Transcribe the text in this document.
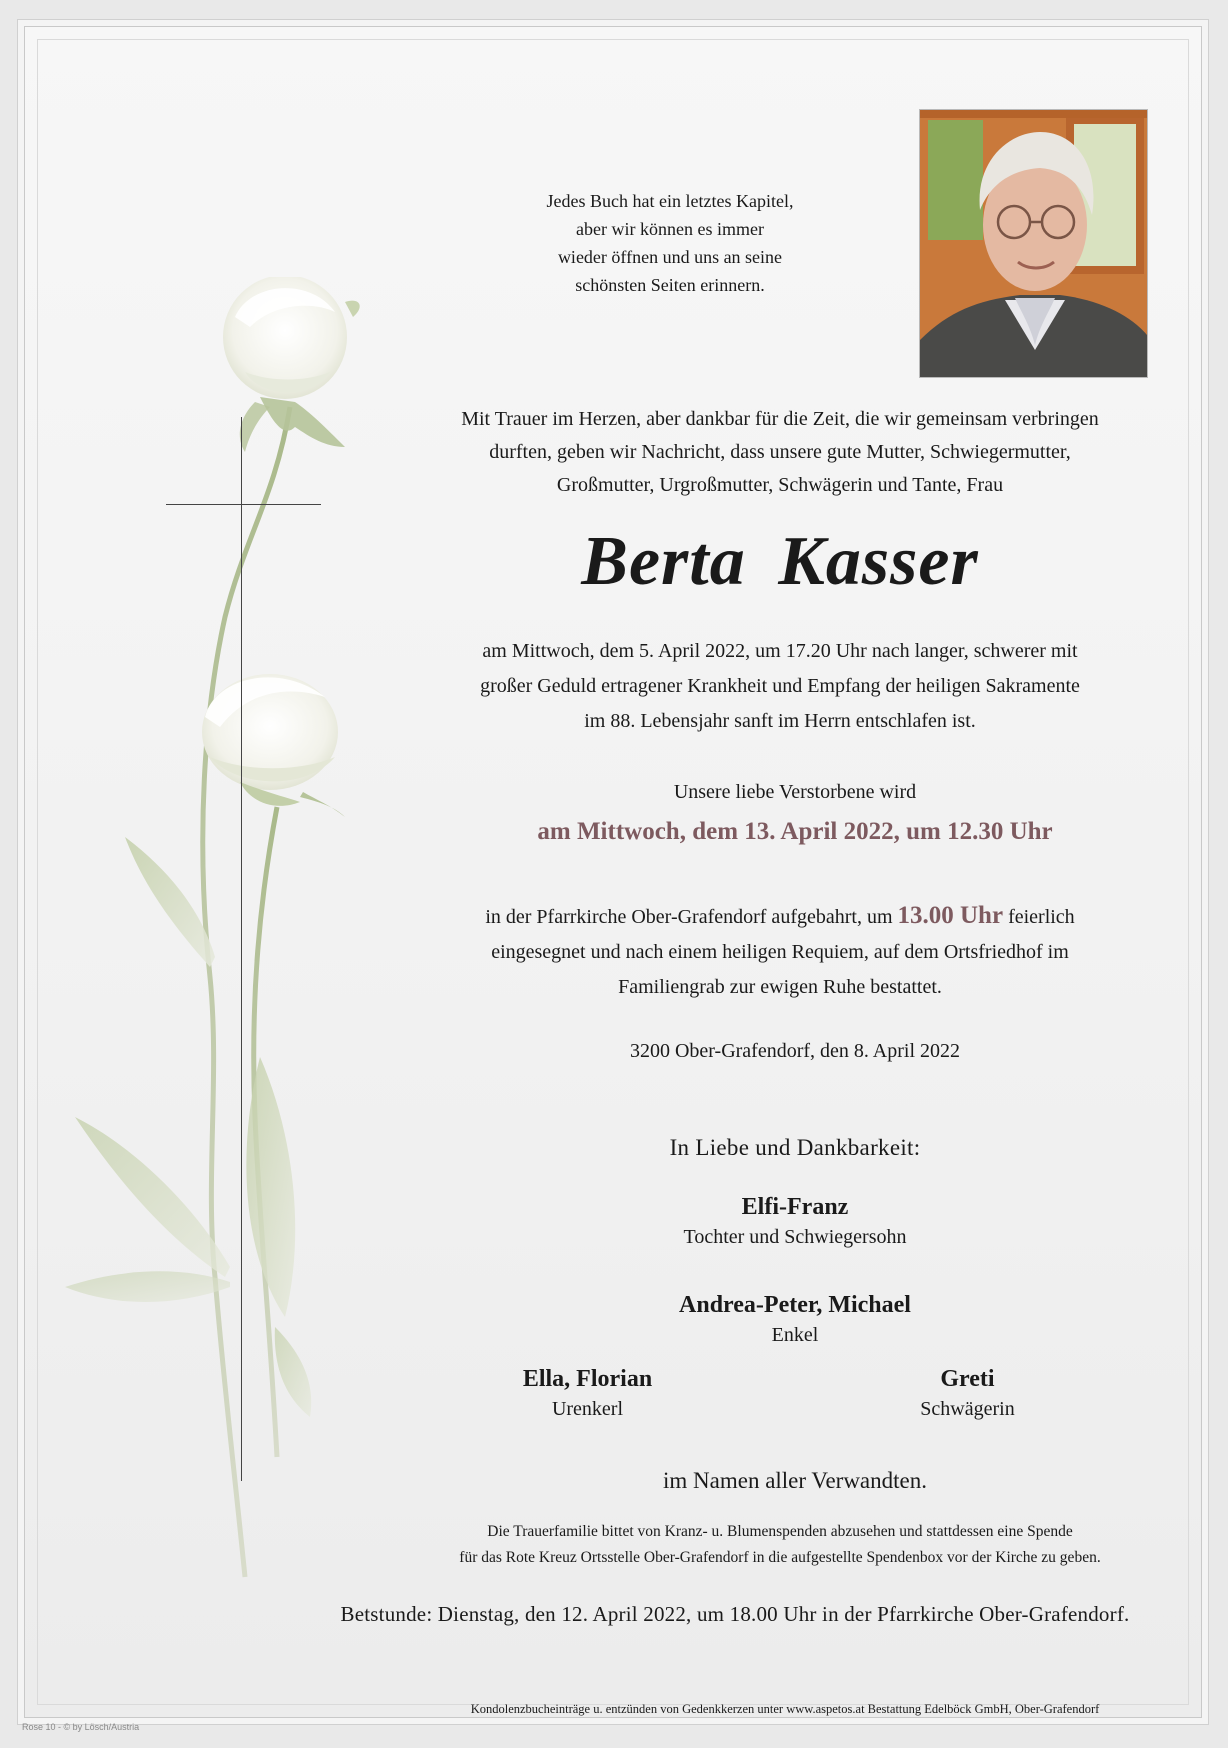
Jedes Buch hat ein letztes Kapitel,
aber wir können es immer
wieder öffnen und uns an seine
schönsten Seiten erinnern.
Mit Trauer im Herzen, aber dankbar für die Zeit, die wir gemeinsam verbringen
durften, geben wir Nachricht, dass unsere gute Mutter, Schwiegermutter,
Großmutter, Urgroßmutter, Schwägerin und Tante, Frau
Berta Kasser
am Mittwoch, dem 5. April 2022, um 17.20 Uhr nach langer, schwerer mit
großer Geduld ertragener Krankheit und Empfang der heiligen Sakramente
im 88. Lebensjahr sanft im Herrn entschlafen ist.
Unsere liebe Verstorbene wird
am Mittwoch, dem 13. April 2022, um 12.30 Uhr
in der Pfarrkirche Ober-Grafendorf aufgebahrt, um 13.00 Uhr feierlich
eingesegnet und nach einem heiligen Requiem, auf dem Ortsfriedhof im
Familiengrab zur ewigen Ruhe bestattet.
3200 Ober-Grafendorf, den 8. April 2022
In Liebe und Dankbarkeit:
Elfi-Franz
Tochter und Schwiegersohn
Andrea-Peter, Michael
Enkel
Ella, Florian
Urenkerl
Greti
Schwägerin
im Namen aller Verwandten.
Die Trauerfamilie bittet von Kranz- u. Blumenspenden abzusehen und stattdessen eine Spende
für das Rote Kreuz Ortsstelle Ober-Grafendorf in die aufgestellte Spendenbox vor der Kirche zu geben.
Betstunde: Dienstag, den 12. April 2022, um 18.00 Uhr in der Pfarrkirche Ober-Grafendorf.
Kondolenzbucheinträge u. entzünden von Gedenkkerzen unter www.aspetos.at Bestattung Edelböck GmbH, Ober-Grafendorf
Rose 10 - © by Lösch/Austria
